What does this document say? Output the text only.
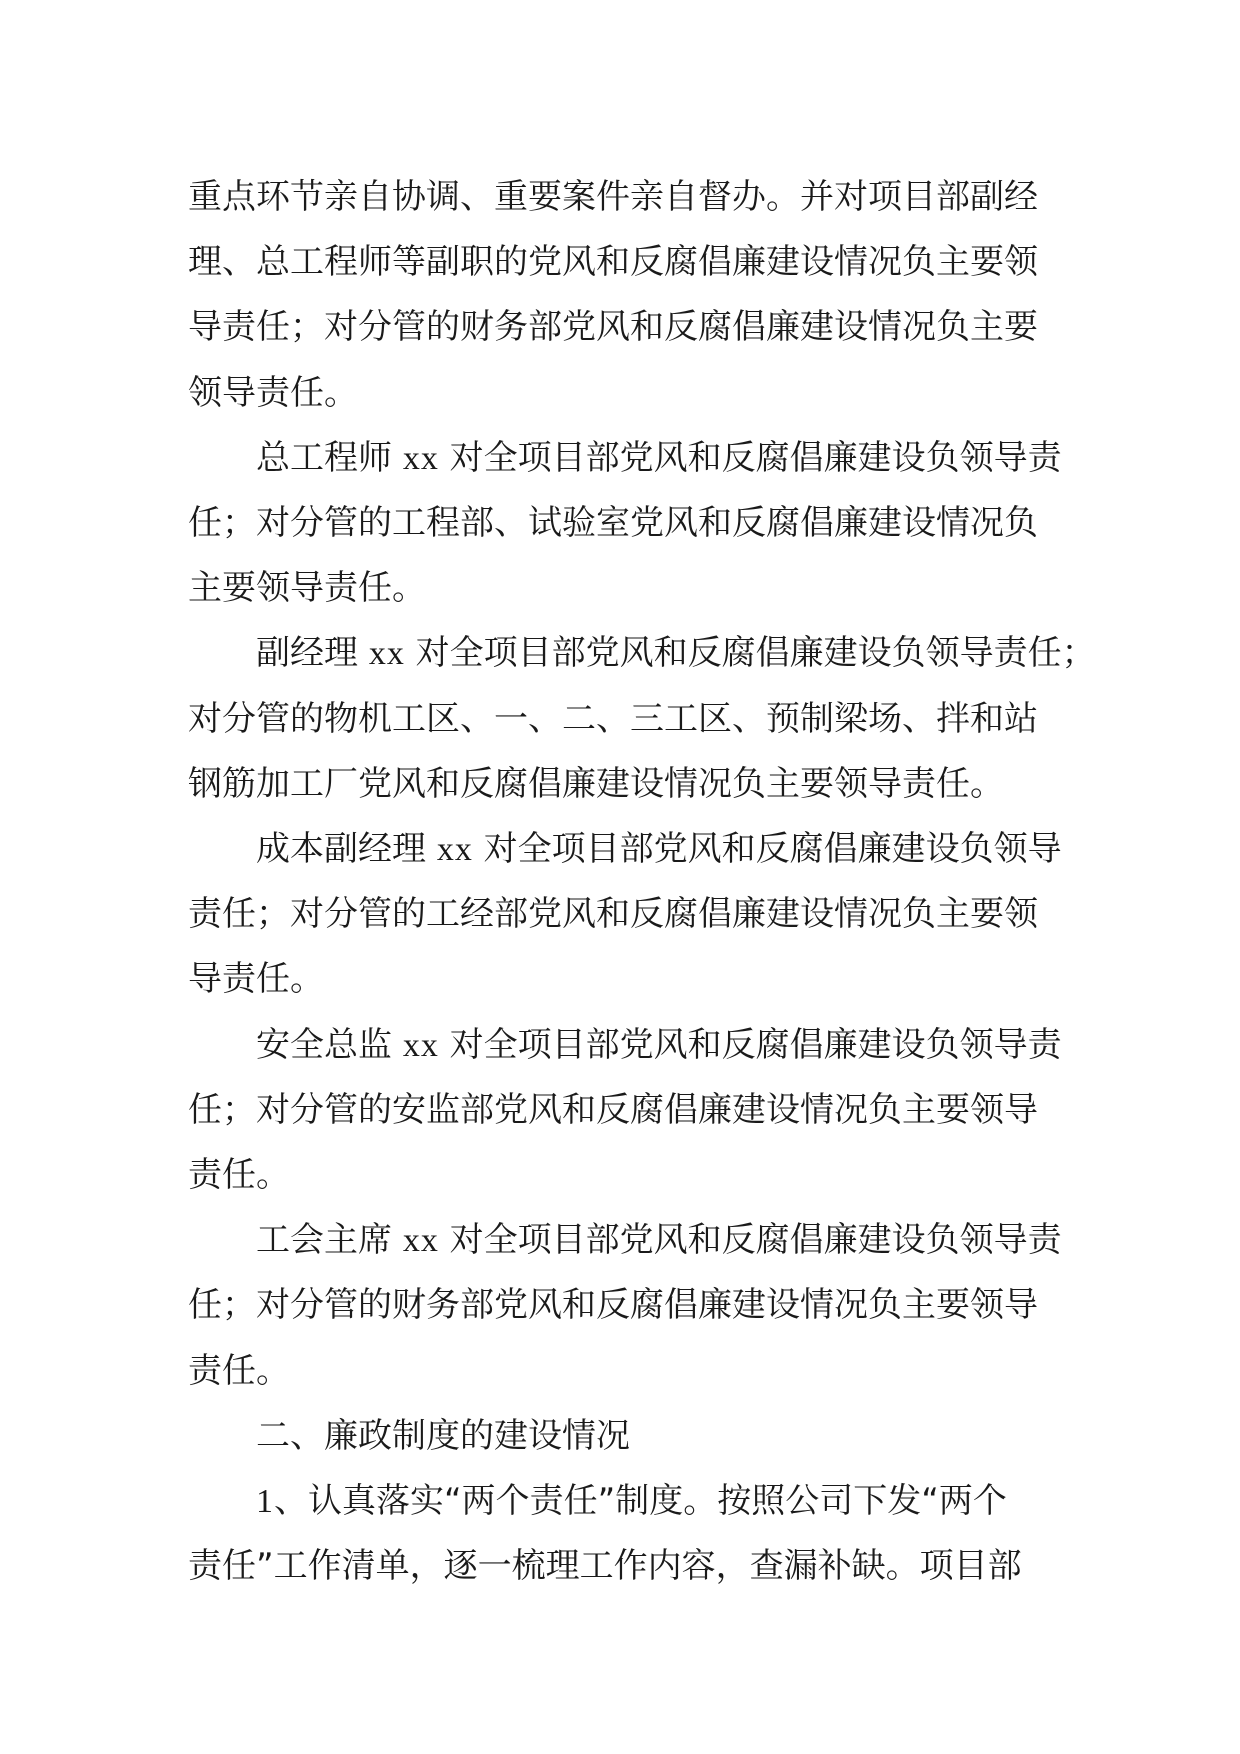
重点环节亲自协调、重要案件亲自督办。并对项目部副经
理、总工程师等副职的党风和反腐倡廉建设情况负主要领
导责任；对分管的财务部党风和反腐倡廉建设情况负主要
领导责任。
总工程师 xx 对全项目部党风和反腐倡廉建设负领导责
任；对分管的工程部、试验室党风和反腐倡廉建设情况负
主要领导责任。
副经理 xx 对全项目部党风和反腐倡廉建设负领导责任；
对分管的物机工区、一、二、三工区、预制梁场、拌和站
钢筋加工厂党风和反腐倡廉建设情况负主要领导责任。
成本副经理 xx 对全项目部党风和反腐倡廉建设负领导
责任；对分管的工经部党风和反腐倡廉建设情况负主要领
导责任。
安全总监 xx 对全项目部党风和反腐倡廉建设负领导责
任；对分管的安监部党风和反腐倡廉建设情况负主要领导
责任。
工会主席 xx 对全项目部党风和反腐倡廉建设负领导责
任；对分管的财务部党风和反腐倡廉建设情况负主要领导
责任。
二、廉政制度的建设情况
1、认真落实“两个责任”制度。按照公司下发“两个
责任”工作清单，逐一梳理工作内容，查漏补缺。项目部
